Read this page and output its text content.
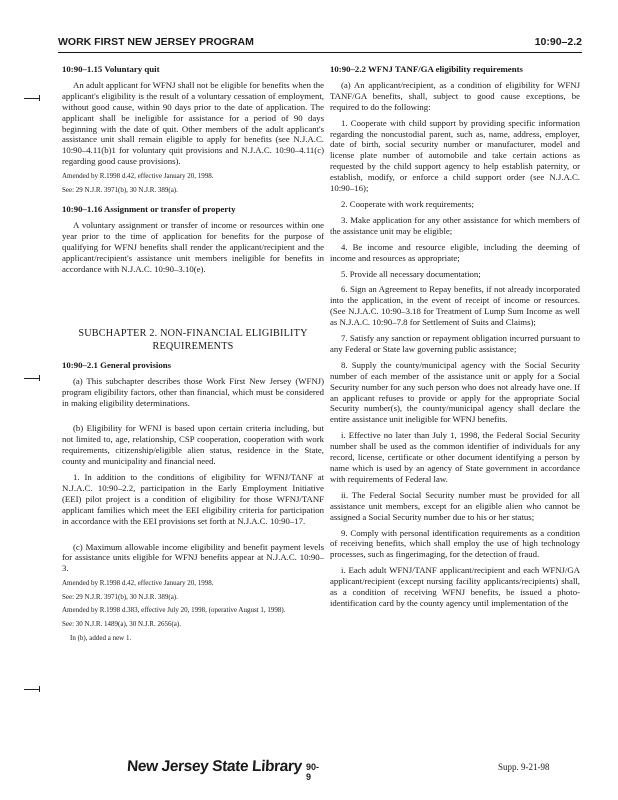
WORK FIRST NEW JERSEY PROGRAM	10:90–2.2
10:90–1.15 Voluntary quit

An adult applicant for WFNJ shall not be eligible for benefits when the applicant's eligibility is the result of a voluntary cessation of employment, without good cause, within 90 days prior to the date of application. The applicant shall be ineligible for assistance for a period of 90 days beginning with the date of quit. Other members of the adult applicant's assistance unit shall remain eligible to apply for benefits (see N.J.A.C. 10:90–4.11(b)1 for voluntary quit provisions and N.J.A.C. 10:90–4.11(c) regarding good cause provisions).

Amended by R.1998 d.42, effective January 20, 1998.

See: 29 N.J.R. 3971(b), 30 N.J.R. 389(a).

10:90–1.16 Assignment or transfer of property

A voluntary assignment or transfer of income or resources within one year prior to the time of application for benefits for the purpose of qualifying for WFNJ benefits shall render the applicant/recipient and the applicant/recipient's assistance unit members ineligible for benefits in accordance with N.J.A.C. 10:90–3.10(e).

SUBCHAPTER 2. NON-FINANCIAL ELIGIBILITY REQUIREMENTS
10:90–2.1 General provisions

(a) This subchapter describes those Work First New Jersey (WFNJ) program eligibility factors, other than financial, which must be considered in making eligibility determinations.

(b) Eligibility for WFNJ is based upon certain criteria including, but not limited to, age, relationship, CSP cooperation, cooperation with work requirements, citizenship/eligible alien status, residence in the State, county and municipality and financial need.

1. In addition to the conditions of eligibility for WFNJ/TANF at N.J.A.C. 10:90–2.2, participation in the Early Employment Initiative (EEI) pilot project is a condition of eligibility for those WFNJ/TANF applicant families which meet the EEI eligibility criteria for participation in accordance with the EEI provisions set forth at N.J.A.C. 10:90–17.

(c) Maximum allowable income eligibility and benefit payment levels for assistance units eligible for WFNJ benefits appear at N.J.A.C. 10:90–3.

Amended by R.1998 d.42, effective January 20, 1998.

See: 29 N.J.R. 3971(b), 30 N.J.R. 389(a).

Amended by R.1998 d.383, effective July 20, 1998, (operative August 1, 1998).

See: 30 N.J.R. 1489(a), 30 N.J.R. 2656(a).

In (b), added a new 1.

10:90–2.2 WFNJ TANF/GA eligibility requirements

(a) An applicant/recipient, as a condition of eligibility for WFNJ TANF/GA benefits, shall, subject to good cause exceptions, be required to do the following:

1. Cooperate with child support by providing specific information regarding the noncustodial parent, such as, name, address, employer, date of birth, social security number or manufacturer, model and license plate number of automobile and take certain actions as requested by the child support agency to help establish paternity, or establish, modify, or enforce a child support order (see N.J.A.C. 10:90–16);

2. Cooperate with work requirements;

3. Make application for any other assistance for which members of the assistance unit may be eligible;

4. Be income and resource eligible, including the deeming of income and resources as appropriate;

5. Provide all necessary documentation;

6. Sign an Agreement to Repay benefits, if not already incorporated into the application, in the event of receipt of income or resources. (See N.J.A.C. 10:90–3.18 for Treatment of Lump Sum Income as well as N.J.A.C. 10:90–7.8 for Settlement of Suits and Claims);

7. Satisfy any sanction or repayment obligation incurred pursuant to any Federal or State law governing public assistance;

8. Supply the county/municipal agency with the Social Security number of each member of the assistance unit or apply for a Social Security number for any such person who does not already have one. If an applicant refuses to provide or apply for the appropriate Social Security number(s), the county/municipal agency shall declare the entire assistance unit ineligible for WFNJ benefits.

i. Effective no later than July 1, 1998, the Federal Social Security number shall be used as the common identifier of individuals for any record, license, certificate or other document identifying a person by name which is used by an agency of State government in accordance with requirements of Federal law.

ii. The Federal Social Security number must be provided for all assistance unit members, except for an eligible alien who cannot be assigned a Social Security number due to his or her status;

9. Comply with personal identification requirements as a condition of receiving benefits, which shall employ the use of high technology processes, such as fingerimaging, for the detection of fraud.

i. Each adult WFNJ/TANF applicant/recipient and each WFNJ/GA applicant/recipient (except nursing facility applicants/recipients) shall, as a condition of receiving WFNJ benefits, be issued a photo-identification card by the county agency until implementation of the

New Jersey State Library 90-9
Supp. 9-21-98
